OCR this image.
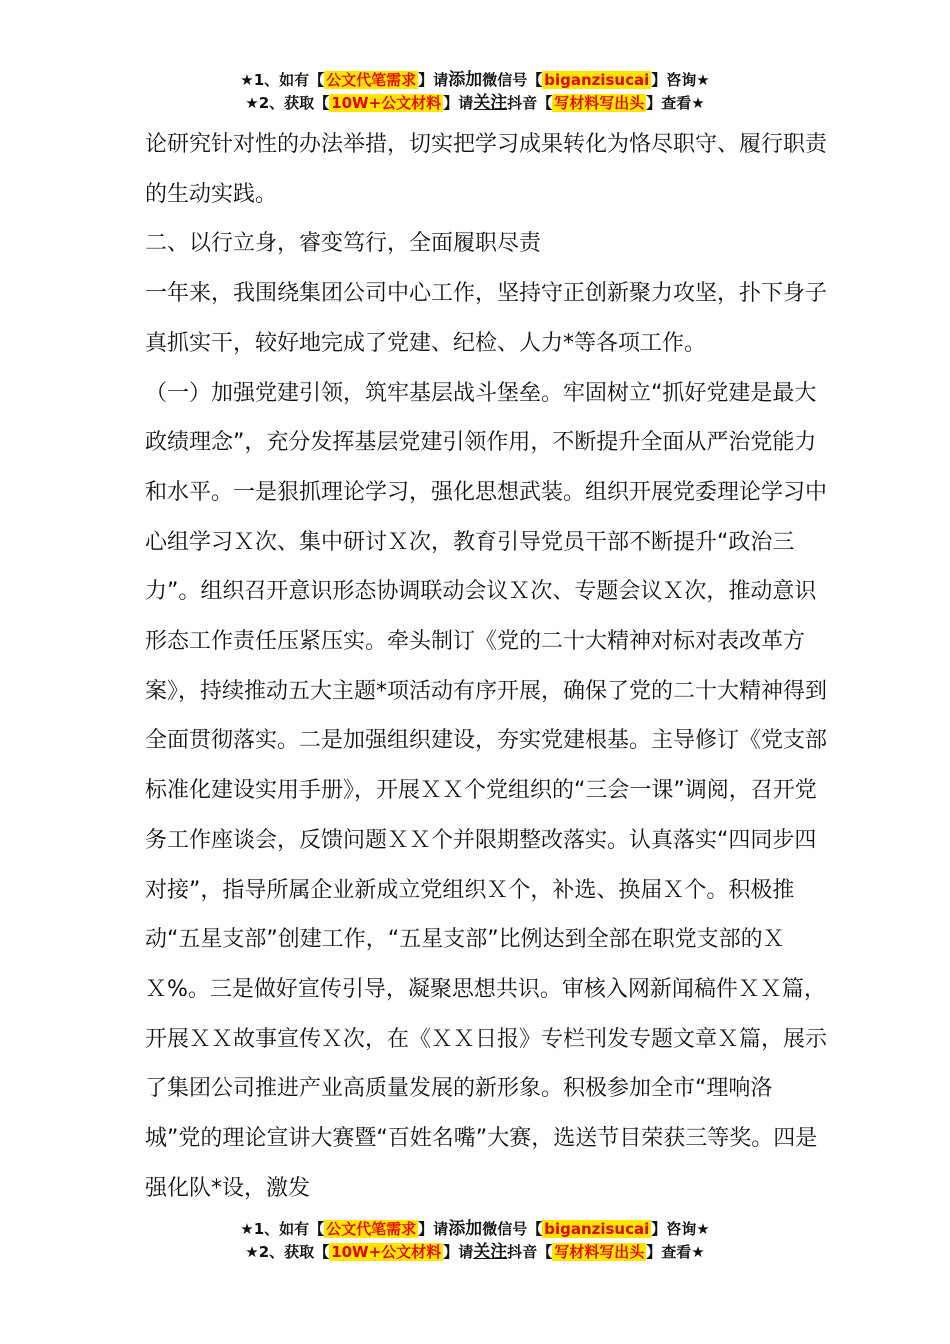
★1、如有【 公文代笔需求 】请添加微信号【 biganzisucai 】咨询★
★2、获取【 10W+公文材料 】请关注抖音【 写材料写出头 】查看★

论研究针对性的办法举措，切实把学习成果转化为恪尽职守、履行职责的生动实践。

二、以行立身，睿变笃行，全面履职尽责

一年来，我围绕集团公司中心工作，坚持守正创新聚力攻坚，扑下身子真抓实干，较好地完成了党建、纪检、人力*等各项工作。

（一）加强党建引领，筑牢基层战斗堡垒。牢固树立“抓好党建是最大政绩理念”，充分发挥基层党建引领作用，不断提升全面从严治党能力和水平。一是狠抓理论学习，强化思想武装。组织开展党委理论学习中心组学习Ｘ次、集中研讨Ｘ次，教育引导党员干部不断提升“政治三力”。组织召开意识形态协调联动会议Ｘ次、专题会议Ｘ次，推动意识形态工作责任压紧压实。牵头制订《党的二十大精神对标对表改革方案》，持续推动五大主题*项活动有序开展，确保了党的二十大精神得到全面贯彻落实。二是加强组织建设，夯实党建根基。主导修订《党支部标准化建设实用手册》，开展ＸＸ个党组织的“三会一课”调阅，召开党务工作座谈会，反馈问题ＸＸ个并限期整改落实。认真落实“四同步四对接”，指导所属企业新成立党组织Ｘ个，补选、换届Ｘ个。积极推动“五星支部”创建工作，“五星支部”比例达到全部在职党支部的ＸＸ%。三是做好宣传引导，凝聚思想共识。审核入网新闻稿件ＸＸ篇，开展ＸＸ故事宣传Ｘ次，在《ＸＸ日报》专栏刊发专题文章Ｘ篇，展示了集团公司推进产业高质量发展的新形象。积极参加全市“理响洛城”党的理论宣讲大赛暨“百姓名嘴”大赛，选送节目荣获三等奖。四是强化队*设，激发

★1、如有【 公文代笔需求 】请添加微信号【 biganzisucai 】咨询★
★2、获取【 10W+公文材料 】请关注抖音【 写材料写出头 】查看★
